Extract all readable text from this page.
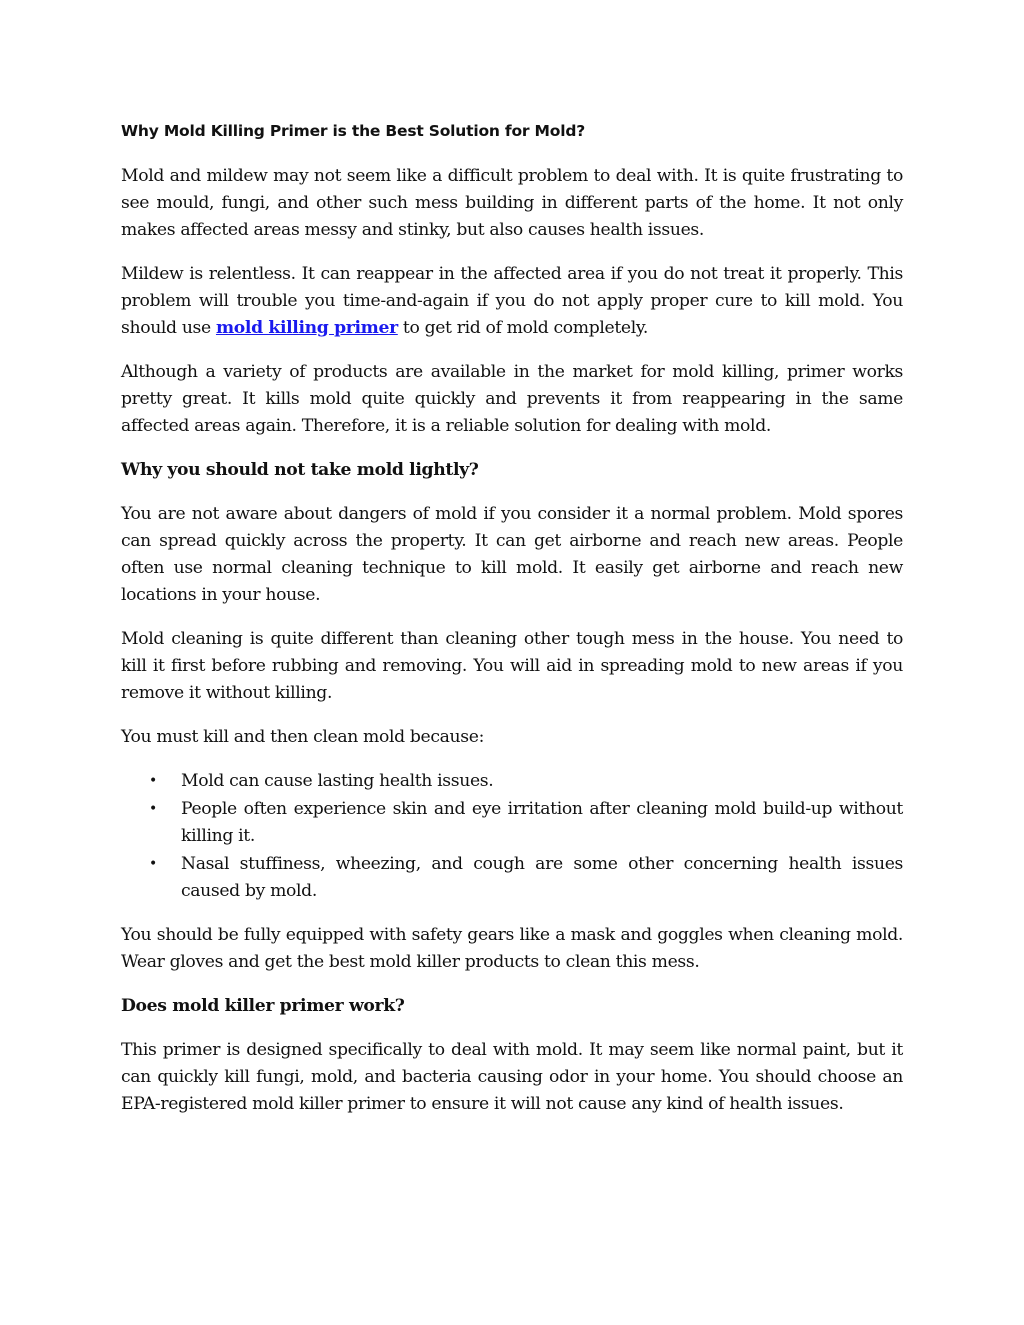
Why Mold Killing Primer is the Best Solution for Mold?

Mold and mildew may not seem like a difficult problem to deal with. It is quite frustrating to see mould, fungi, and other such mess building in different parts of the home. It not only makes affected areas messy and stinky, but also causes health issues.

Mildew is relentless. It can reappear in the affected area if you do not treat it properly. This problem will trouble you time-and-again if you do not apply proper cure to kill mold. You should use mold killing primer to get rid of mold completely.

Although a variety of products are available in the market for mold killing, primer works pretty great. It kills mold quite quickly and prevents it from reappearing in the same affected areas again. Therefore, it is a reliable solution for dealing with mold.

Why you should not take mold lightly?

You are not aware about dangers of mold if you consider it a normal problem. Mold spores can spread quickly across the property. It can get airborne and reach new areas. People often use normal cleaning technique to kill mold. It easily get airborne and reach new locations in your house.

Mold cleaning is quite different than cleaning other tough mess in the house. You need to kill it first before rubbing and removing. You will aid in spreading mold to new areas if you remove it without killing.

You must kill and then clean mold because:

• Mold can cause lasting health issues.
• People often experience skin and eye irritation after cleaning mold build-up without killing it.
• Nasal stuffiness, wheezing, and cough are some other concerning health issues caused by mold.

You should be fully equipped with safety gears like a mask and goggles when cleaning mold. Wear gloves and get the best mold killer products to clean this mess.

Does mold killer primer work?

This primer is designed specifically to deal with mold. It may seem like normal paint, but it can quickly kill fungi, mold, and bacteria causing odor in your home. You should choose an EPA-registered mold killer primer to ensure it will not cause any kind of health issues.
